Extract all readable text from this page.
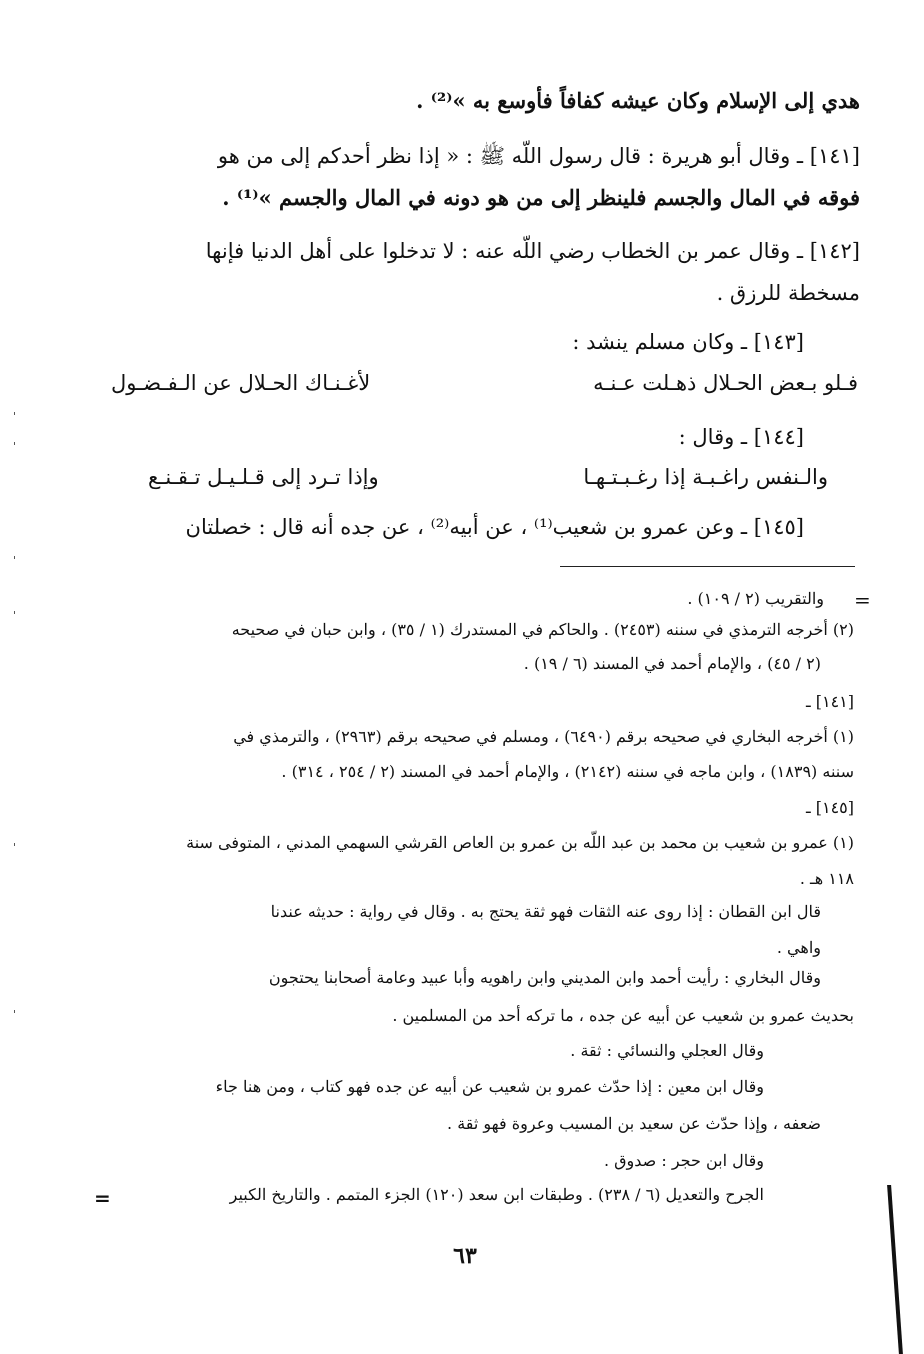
هدي إلى الإسلام وكان عيشه كفافاً فأوسع به »⁽²⁾ .
[١٤١] ـ وقال أبو هريرة : قال رسول اللّه ﷺ : « إذا نظر أحدكم إلى من هو
فوقه في المال والجسم فلينظر إلى من هو دونه في المال والجسم »⁽¹⁾ .
[١٤٢] ـ وقال عمر بن الخطاب رضي اللّه عنه : لا تدخلوا على أهل الدنيا فإنها
مسخطة للرزق .
[١٤٣] ـ وكان مسلم ينشد :
فـلو بـعض الحـلال ذهـلت عـنـه
لأغـنـاك الحـلال عن الـفـضـول
[١٤٤] ـ وقال :
والـنفس راغـبـة إذا رغـبـتـهـا
وإذا تـرد إلى قـلـيـل تـقـنـع
[١٤٥] ـ وعن عمرو بن شعيب⁽¹⁾ ، عن أبيه⁽²⁾ ، عن جده أنه قال : خصلتان
=
والتقريب (٢ / ١٠٩) .
(٢) أخرجه الترمذي في سننه (٢٤٥٣) . والحاكم في المستدرك (١ / ٣٥) ، وابن حبان في صحيحه
(٢ / ٤٥) ، والإمام أحمد في المسند (٦ / ١٩) .
[١٤١] ـ
(١) أخرجه البخاري في صحيحه برقم (٦٤٩٠) ، ومسلم في صحيحه برقم (٢٩٦٣) ، والترمذي في
سننه (١٨٣٩) ، وابن ماجه في سننه (٢١٤٢) ، والإمام أحمد في المسند (٢ / ٢٥٤ ، ٣١٤) .
[١٤٥] ـ
(١) عمرو بن شعيب بن محمد بن عبد اللّه بن عمرو بن العاص القرشي السهمي المدني ، المتوفى سنة
١١٨ هـ .
قال ابن القطان : إذا روى عنه الثقات فهو ثقة يحتج به . وقال في رواية : حديثه عندنا
واهي .
وقال البخاري : رأيت أحمد وابن المديني وابن راهويه وأبا عبيد وعامة أصحابنا يحتجون
بحديث عمرو بن شعيب عن أبيه عن جده ، ما تركه أحد من المسلمين .
وقال العجلي والنسائي : ثقة .
وقال ابن معين : إذا حدّث عمرو بن شعيب عن أبيه عن جده فهو كتاب ، ومن هنا جاء
ضعفه ، وإذا حدّث عن سعيد بن المسيب وعروة فهو ثقة .
وقال ابن حجر : صدوق .
الجرح والتعديل (٦ / ٢٣٨) . وطبقات ابن سعد (١٢٠) الجزء المتمم . والتاريخ الكبير
=
٦٣
